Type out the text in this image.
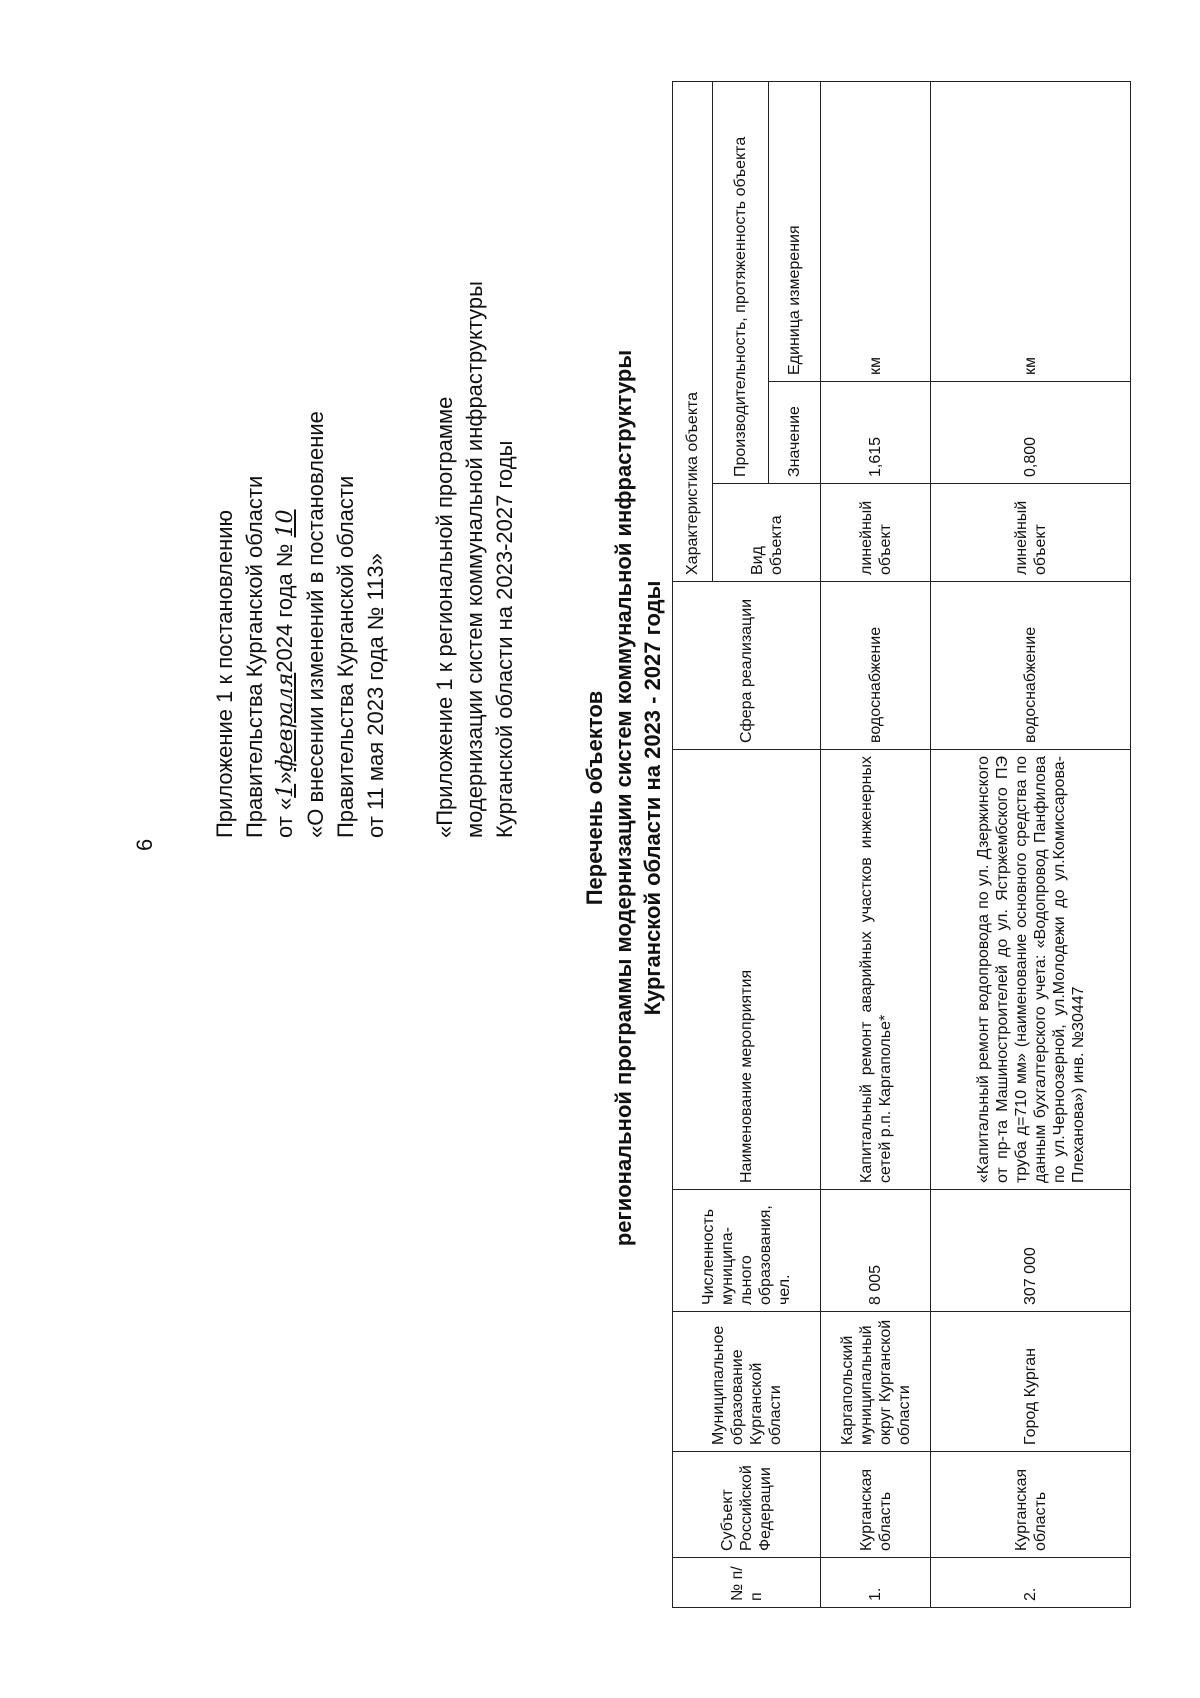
6
Приложение 1 к постановлению Правительства Курганской области от «1»февраля2024 года № 10 «О внесении изменений в постановление Правительства Курганской области от 11 мая 2023 года № 113» «Приложение 1 к региональной программе модернизации систем коммунальной инфраструктуры Курганской области на 2023-2027 годы	Перечень объектов региональной программы модернизации систем коммунальной инфраструктуры Курганской области на 2023 - 2027 годы
№ п/п	Субъект Российской Федерации	Муниципальное образование Курганской области	Численность муниципа-льного образования, чел.	Наименование мероприятия	Сфера реализации	Характеристика объекта		
						Вид объекта	Производительность, протяженность объекта	
							Значение	Единица измерения
1.	Курганская область	Каргапольский муниципальный округ Курганской области	8 005	Капитальный ремонт аварийных участков инженерных сетей р.п. Каргаполье*	водоснабжение	линейный объект	1,615	км
2.	Курганская область	Город Курган	307 000	«Капитальный ремонт водопровода по ул. Дзержинского от пр-та Машиностроителей до ул. Ястржембского ПЭ труба д=710 мм» (наименование основного средства по данным бухгалтерского учета: «Водопровод Панфилова по ул.Черноозерной, ул.Молодежи до ул.Комиссарова-Плеханова») инв. №30447	водоснабжение	линейный объект	0,800	км
